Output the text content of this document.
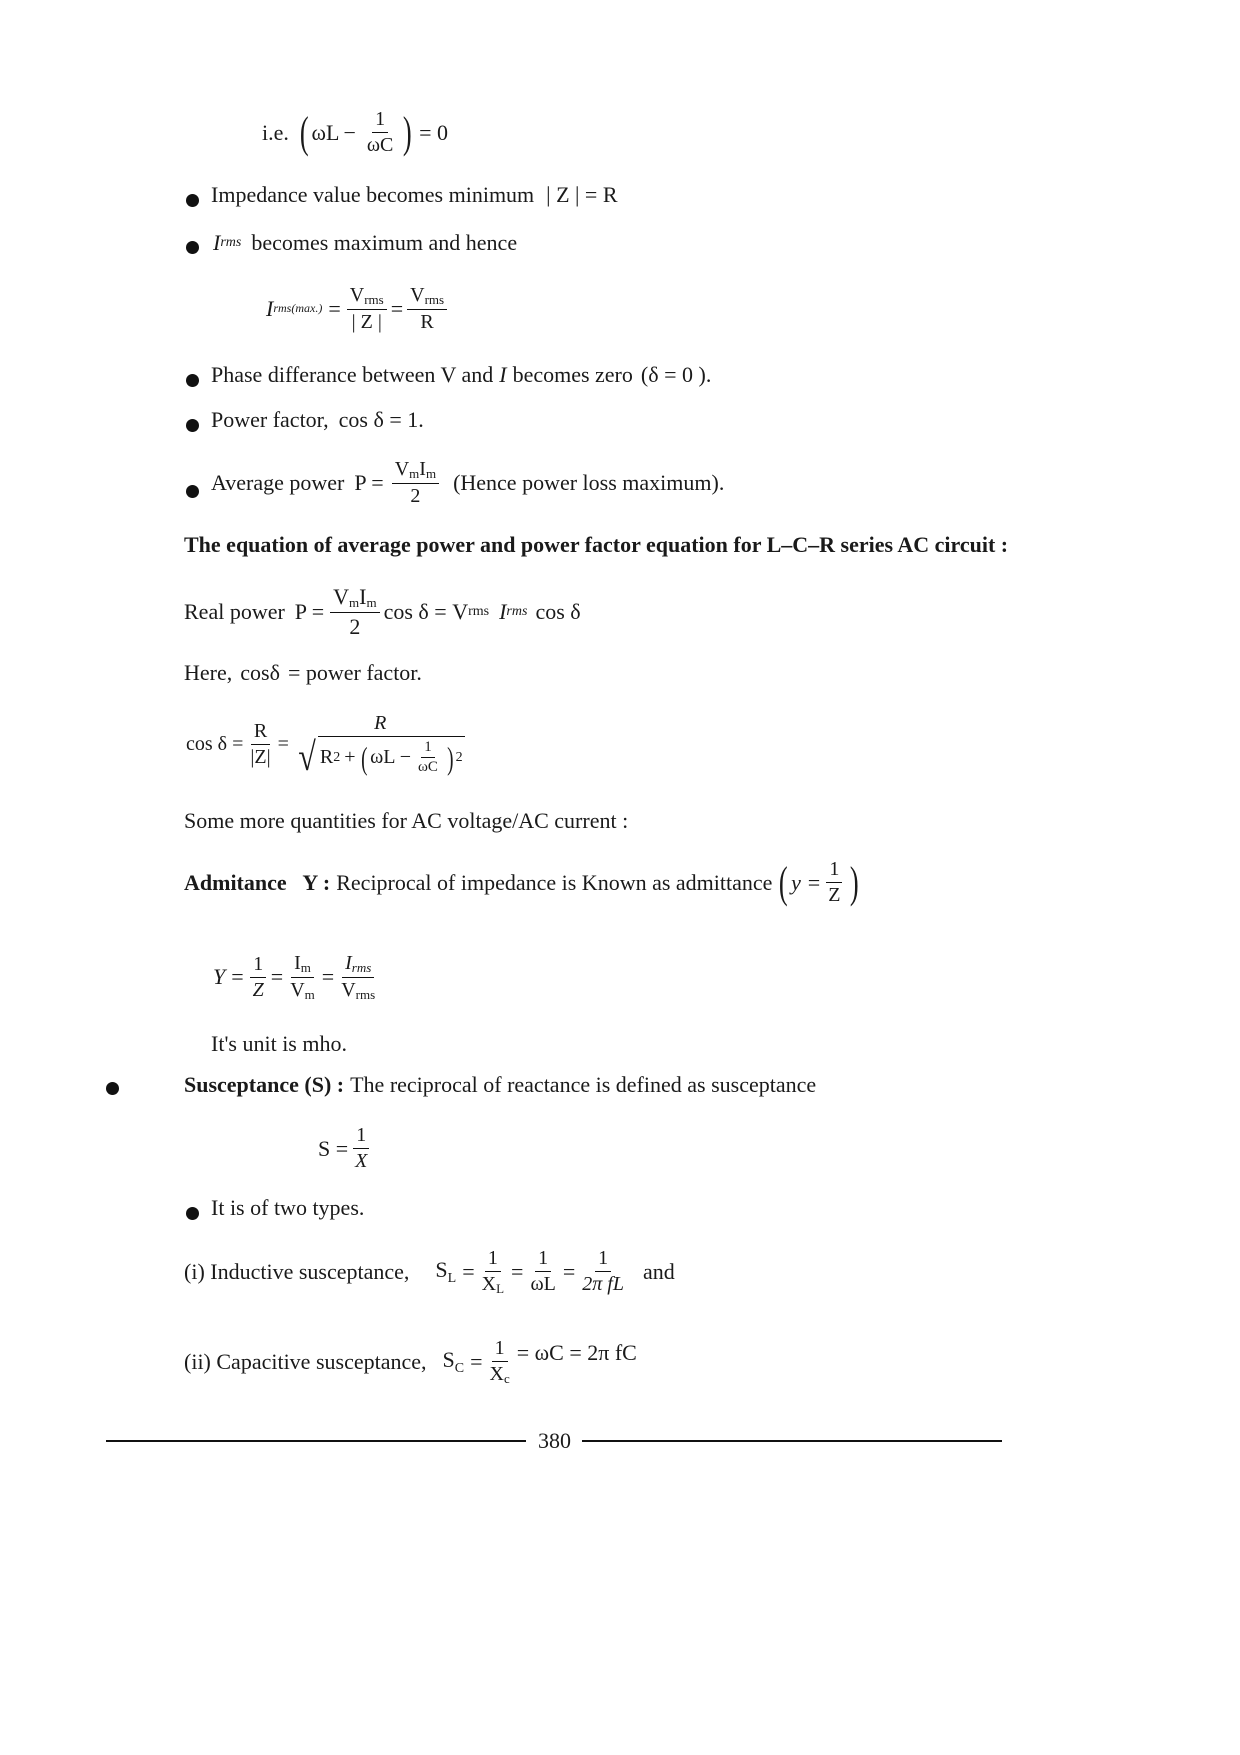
i.e. ( $\omega L - \frac{1}{\omega C}$ ) = 0
Impedance value becomes minimum | Z | = R
I rms becomes maximum and hence
I $rms(\max.) = \frac{\text{Vrms}}{| Z |} = \frac{\text{Vrms}}{R}$
Phase differance between V and I becomes zero (δ = 0 ).
Power factor, cos δ = 1.
Average power $P = \frac{\text{VmIm}}{2}$ (Hence power loss maximum).
The equation of average power and power factor equation for L–C–R series AC circuit :
Real power $P = \frac{\text{VmIm}}{2}$ cos δ = V rms I rms cos δ
Here, cosδ = power factor.
$\cos \delta = \frac{R}{|Z|}$ =
R
√ R 2 + ( $\omega L - \frac{1}{\omega C}$ ) 2
Some more quantities for AC voltage/AC current :
Admitance   Y : Reciprocal of impedance is Known as admittance ( $y = \frac{1}{Z}$ )
$Y = \frac{1}{Z} = \frac{Im}{Vm} = \frac{\text{Irms}}{\text{Vrms}}$
It's unit is mho.
Susceptance (S) : The reciprocal of reactance is defined as susceptance
$S = \frac{1}{X}$
It is of two types.
(i) Inductive susceptance, $S_L = \frac{1}{XL} = \frac{1}{\omega L} = \frac{1}{\text{2π fL}}$ and
(ii) Capacitive susceptance, $S_C = \frac{1}{Xc} = \omega C = 2\pi$ fC
380
